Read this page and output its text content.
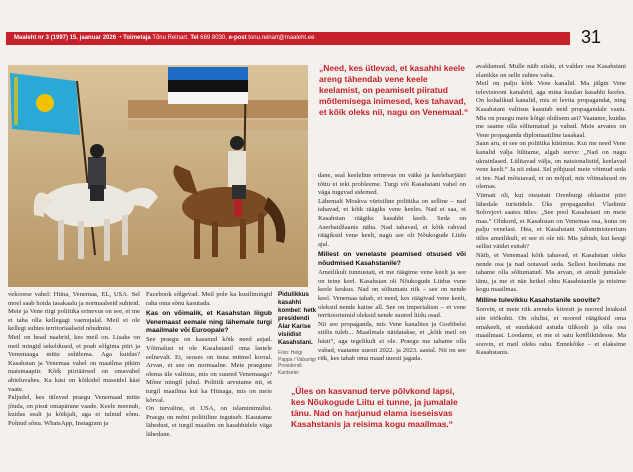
Maaleht nr 3 (1997) 15. jaanuar 2026  • Toimetaja Tõnu Reinart. Tel 669 8030, e-post tonu.reinart@maaleht.ee	31
„Need, kes ütlevad, et kasahhi keele areng tähendab vene keele keelamist, on peamiselt piiratud mõtlemisega inimesed, kes tahavad, et kõik oleks nii, nagu on Venemaal.“

vekoorse vahel: Hiina, Venemaa, EL, USA. Sel moel saab hoida tasakaalu ja normaalseid suhteid. Meie ja Vene riigi poliitika erinevus on see, et me ei taha olla kellegagi vaenujalal. Meil ei ole kellegi suhtes territoriaalseid nõudmisi.

Meil on head naabrid, kes meil on. Lisaks on meil mingid sekeldused, et poab sõlgima piiri ja Venemaaga mitte suhtlema. Aga kuidas? Kasahstan ja Venemaa vahel on maailma pikim maismaapiir. Kõik piiriäärsed on omavahel abieluvahes. Ka käsi on kõikidel massidel käsi vaate.

Paljudel, kes ütlevad praegu Venemaad mitte jõuda, on pisut omapärane vaade. Keele meenub, kuidas sealt ja kõikjalt, aga ei tulnud sõnu. Polnud sõnu. WhatsApp, Instagram ja

Facebook sõlgevad. Meil pole ka kusiltmingid raha oma sõnu kasutada.

Kas on võimalik, et Kasahstan liigub Venemaast eemale ning lähemale turgi maailmale või Euroopale?

See praegu on kaasnud kõik need asjad. Võimalust ei ole Kasahstanil oma lastele eelnevalt. Ei, seoses on üsna mitmel korral. Arvan, et see on normaalne. Meie praegune olema üle valitsus, mis on suured Venemaaga? Mõne mingil juhul. Poliitik arvutame nii, et turgil maailma kui ka Hiinaga, mis on meie kõrval.

On turvaline, et USA, on islaminimulist. Praegu on mõni poliitiline tegutseb. Kasutame lähedust, et turgil maailm on kasahhidele väga lähedane.

Pidulikkus kasahhi kombel: hetk presidendi Alar Karise visiidist Kasahstani.
Foto: Helgi Pappa / Vabariigi Presidendi Kantselei

dane, seal keeleline erinevus on väike ja keelebarjääri tõttu ei teki probleeme. Turgi või Kasahstani vahel on väga tugevad sidemed.

Lähemalt Moskva vürtsiline poliitika on selline – nad tahavad, et kõik räägiks vene keeles. Nad ei saa, et Kasahstan räägiks kasahhi keelt. Seda on Aserbaidžaanis näha. Nad tahavad, et kõik rahvad räägiksid vene keelt, nagu see oli Nõukogude Liidu ajal.

Millest on venelaste peamised otsused või nõudmised Kasahstanile?

Ametlikult tunnustati, et me räägime vene keelt ja see on teine keel. Kasahstan oli Nõukogude Liidus vene keele keskus. Nad on sõltumatu riik – see on nende keel. Venemaa tahab, et need, kes räägivad vene keelt, oleksid nende kaitse all. See on imperialism – et vene territooriumid oleksid nende suured liidu osad.

Nii see propaganda, mis Vene kanalites ja Goebbelsi stiilis tuleb... Maailmale näidatakse, et „kõik meil on hästi“, aga tegelikult ei ole. Praegu me tahame olla vabad, vaatame uuesti 2022. ja 2023. aastal. Nii on see riik, kes tahab oma maad uuesti jagada.

„Üles on kasvanud terve põlvkond lapsi, kes Nõukogude Liitu ei tunne, ja jumalale tänu. Nad on harjunud elama iseseisvas Kasahstanis ja reisima kogu maailmas.“

avaldamud. Mulle näib siiski, et valdav osa Kasahstani elanikke on selle suhtes vaba.

Meil on palju kõik Vene kanalid. Ma jälgin Vene televisiooni kanaleid, aga mina kuulan kasahhi keeles. On kohalikud kanalid, mis ei levita propagandat, ning Kasahstani valitsus kasutab neid propagandale vastu. Mis on praegu meie kõige olulisem asi? Vaatame, kuidas me saame olla sõltumatud ja vabad. Meie arvates on Vene propaganda diplomaatiline tasakaal.

Saan aru, et see on poliitika küsimus. Kui me need Vene kanalid välja lülitame, algab surve: „Nad on nagu ukrainlased. Lülitavad välja, on natsionalistid, keelavad vene keelt.“ Ja nii edasi. Sel põhjusel meie võimud seda ei tee. Nad mõistavad, et on mõjud, mis võimalused on olemas.

Viimati oli, kui otsustati Orenburgi oblastist piiri lähedale turistidele. Üks propagandist Vladimir Solovjovi saates ütles: „See pool Kasahstani on meie maa.“ Olukord, et Kasahstan on Venemaa osa, kuna on palju venelasi. Hea, et Kasahstani välisministeerium ütles ametlikult, et see ei ole nii. Mis juhtub, kui keegi sellist väidet esitab?

Näib, et Venemaal kõik tahavad, et Kasahstan oleks nende osa ja nad ootavad seda. Sellest hoolimata me tahame olla sõltumatud. Ma arvan, et ainult jumalale tänu, ja me ei näe hetkel ohtu Kasahstanile ja reisime kogu maailmas.

Milline tulevikku Kasahstanile soovite?

Soovin, et meie riik areneks kiiresti ja noored leiaksid siin töökohti. On olulist, et noored räägiksid oma emakeelt, et suudaksid astuda ülikooli ja olla osa maailmast. Loodame, et me ei satu konfliktidesse. Ma soovin, et meil oleks rahu. Ennekõike – et elaksime Kasahstanis.
